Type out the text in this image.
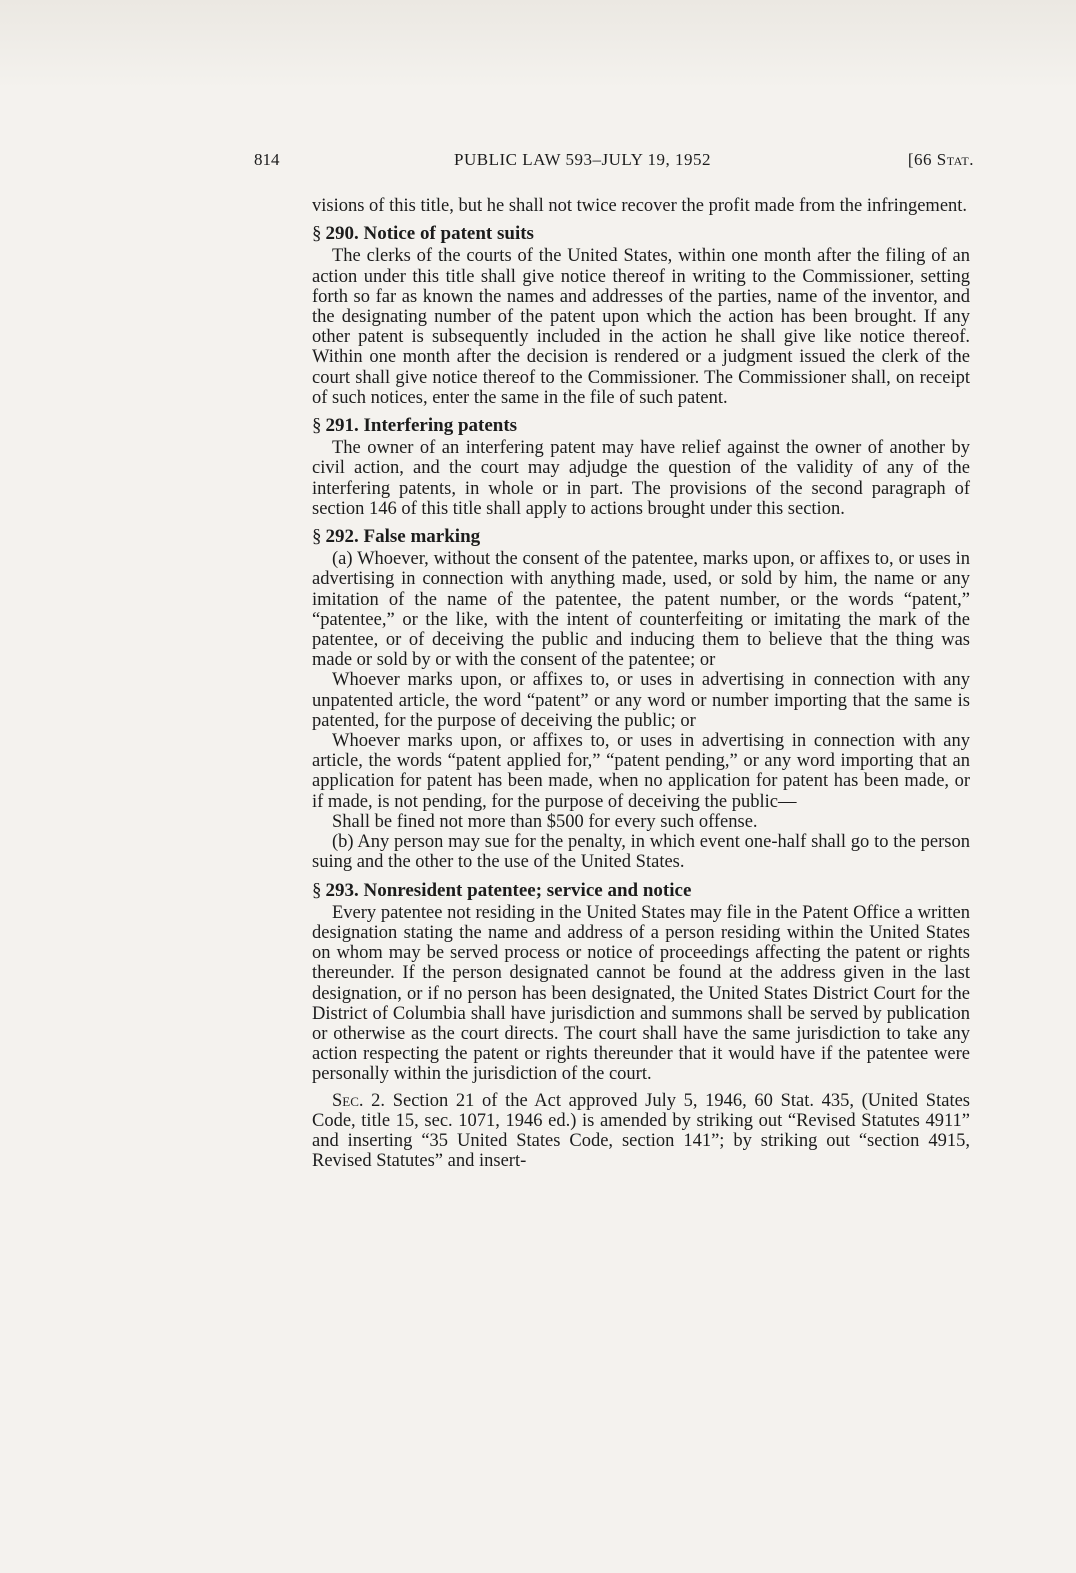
814	PUBLIC LAW 593–JULY 19, 1952	[66 Stat.

visions of this title, but he shall not twice recover the profit made from the infringement.

§ 290. Notice of patent suits

The clerks of the courts of the United States, within one month after the filing of an action under this title shall give notice thereof in writing to the Commissioner, setting forth so far as known the names and addresses of the parties, name of the inventor, and the designating number of the patent upon which the action has been brought. If any other patent is subsequently included in the action he shall give like notice thereof. Within one month after the decision is rendered or a judgment issued the clerk of the court shall give notice thereof to the Commissioner. The Commissioner shall, on receipt of such notices, enter the same in the file of such patent.

§ 291. Interfering patents

The owner of an interfering patent may have relief against the owner of another by civil action, and the court may adjudge the question of the validity of any of the interfering patents, in whole or in part. The provisions of the second paragraph of section 146 of this title shall apply to actions brought under this section.

§ 292. False marking

(a) Whoever, without the consent of the patentee, marks upon, or affixes to, or uses in advertising in connection with anything made, used, or sold by him, the name or any imitation of the name of the patentee, the patent number, or the words “patent,” “patentee,” or the like, with the intent of counterfeiting or imitating the mark of the patentee, or of deceiving the public and inducing them to believe that the thing was made or sold by or with the consent of the patentee; or

Whoever marks upon, or affixes to, or uses in advertising in connection with any unpatented article, the word “patent” or any word or number importing that the same is patented, for the purpose of deceiving the public; or

Whoever marks upon, or affixes to, or uses in advertising in connection with any article, the words “patent applied for,” “patent pending,” or any word importing that an application for patent has been made, when no application for patent has been made, or if made, is not pending, for the purpose of deceiving the public—

Shall be fined not more than $500 for every such offense.

(b) Any person may sue for the penalty, in which event one-half shall go to the person suing and the other to the use of the United States.

§ 293. Nonresident patentee; service and notice

Every patentee not residing in the United States may file in the Patent Office a written designation stating the name and address of a person residing within the United States on whom may be served process or notice of proceedings affecting the patent or rights thereunder. If the person designated cannot be found at the address given in the last designation, or if no person has been designated, the United States District Court for the District of Columbia shall have jurisdiction and summons shall be served by publication or otherwise as the court directs. The court shall have the same jurisdiction to take any action respecting the patent or rights thereunder that it would have if the patentee were personally within the jurisdiction of the court.

Sec. 2. Section 21 of the Act approved July 5, 1946, 60 Stat. 435, (United States Code, title 15, sec. 1071, 1946 ed.) is amended by striking out “Revised Statutes 4911” and inserting “35 United States Code, section 141”; by striking out “section 4915, Revised Statutes” and insert-
